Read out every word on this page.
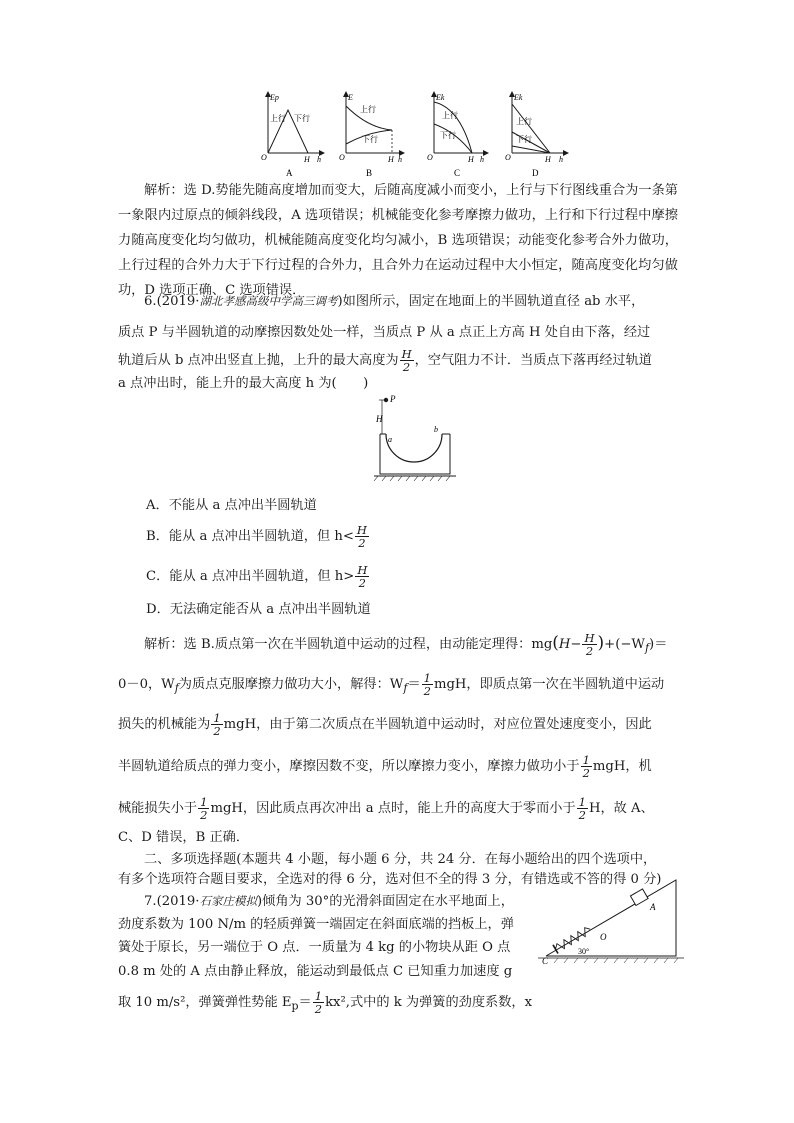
Ep
上行 下行
O	H h
A
E
上行
下行
O	H h
B
Ek
上行
下行
O	H h
C
Ek
上行
下行
O	H h
D
解析：选 D.势能先随高度增加而变大，后随高度减小而变小，上行与下行图线重合为一条第一象限内过原点的倾斜线段，A 选项错误；机械能变化参考摩擦力做功，上行和下行过程中摩擦力随高度变化均匀做功，机械能随高度变化均匀减小，B 选项错误；动能变化参考合外力做功，上行过程的合外力大于下行过程的合外力，且合外力在运动过程中大小恒定，随高度变化均匀做功，D 选项正确、C 选项错误．
6.(2019·湖北孝感高级中学高三调考)如图所示，固定在地面上的半圆轨道直径 ab 水平，
质点 P 与半圆轨道的动摩擦因数处处一样，当质点 P 从 a 点正上方高 H 处自由下落，经过
轨道后从 b 点冲出竖直上抛，上升的最大高度为 $\frac{H}{2}$ ，空气阻力不计．当质点下落再经过轨道
a 点冲出时，能上升的最大高度 h 为(　　)
P
H
a
b
A．不能从 a 点冲出半圆轨道
B．能从 a 点冲出半圆轨道，但 $h< \frac{H}{2}$
C．能从 a 点冲出半圆轨道，但 $h> \frac{H}{2}$
D．无法确定能否从 a 点冲出半圆轨道
解析：选 B.质点第一次在半圆轨道中运动的过程，由动能定理得：$mg(H- \frac{H}{2} )+(-W_f)=$
0－0，$W_f$为质点克服摩擦力做功大小，解得：$W_f= \frac{1}{2}$ mgH，即质点第一次在半圆轨道中运动
损失的机械能为 $\frac{1}{2}$ mgH，由于第二次质点在半圆轨道中运动时，对应位置处速度变小，因此
半圆轨道给质点的弹力变小，摩擦因数不变，所以摩擦力变小，摩擦力做功小于 $\frac{1}{2}$ mgH，机
械能损失小于 $\frac{1}{2}$ mgH，因此质点再次冲出 a 点时，能上升的高度大于零而小于 $\frac{1}{2}$ H，故 A、
C、D 错误，B 正确．
二、多项选择题(本题共 4 小题，每小题 6 分，共 24 分．在每小题给出的四个选项中，
有多个选项符合题目要求，全选对的得 6 分，选对但不全的得 3 分，有错选或不答的得 0 分)
7.(2019·石家庄模拟)倾角为 30°的光滑斜面固定在水平地面上，
劲度系数为 100 N/m 的轻质弹簧一端固定在斜面底端的挡板上，弹
簧处于原长，另一端位于 O 点．一质量为 4 kg 的小物块从距 O 点
0.8 m 处的 A 点由静止释放，能运动到最低点 C 已知重力加速度 g
取 10 m/s²，弹簧弹性势能 $E_p= \frac{1}{2} kx^2$,式中的 k 为弹簧的劲度系数，x
A
O
30°
C
